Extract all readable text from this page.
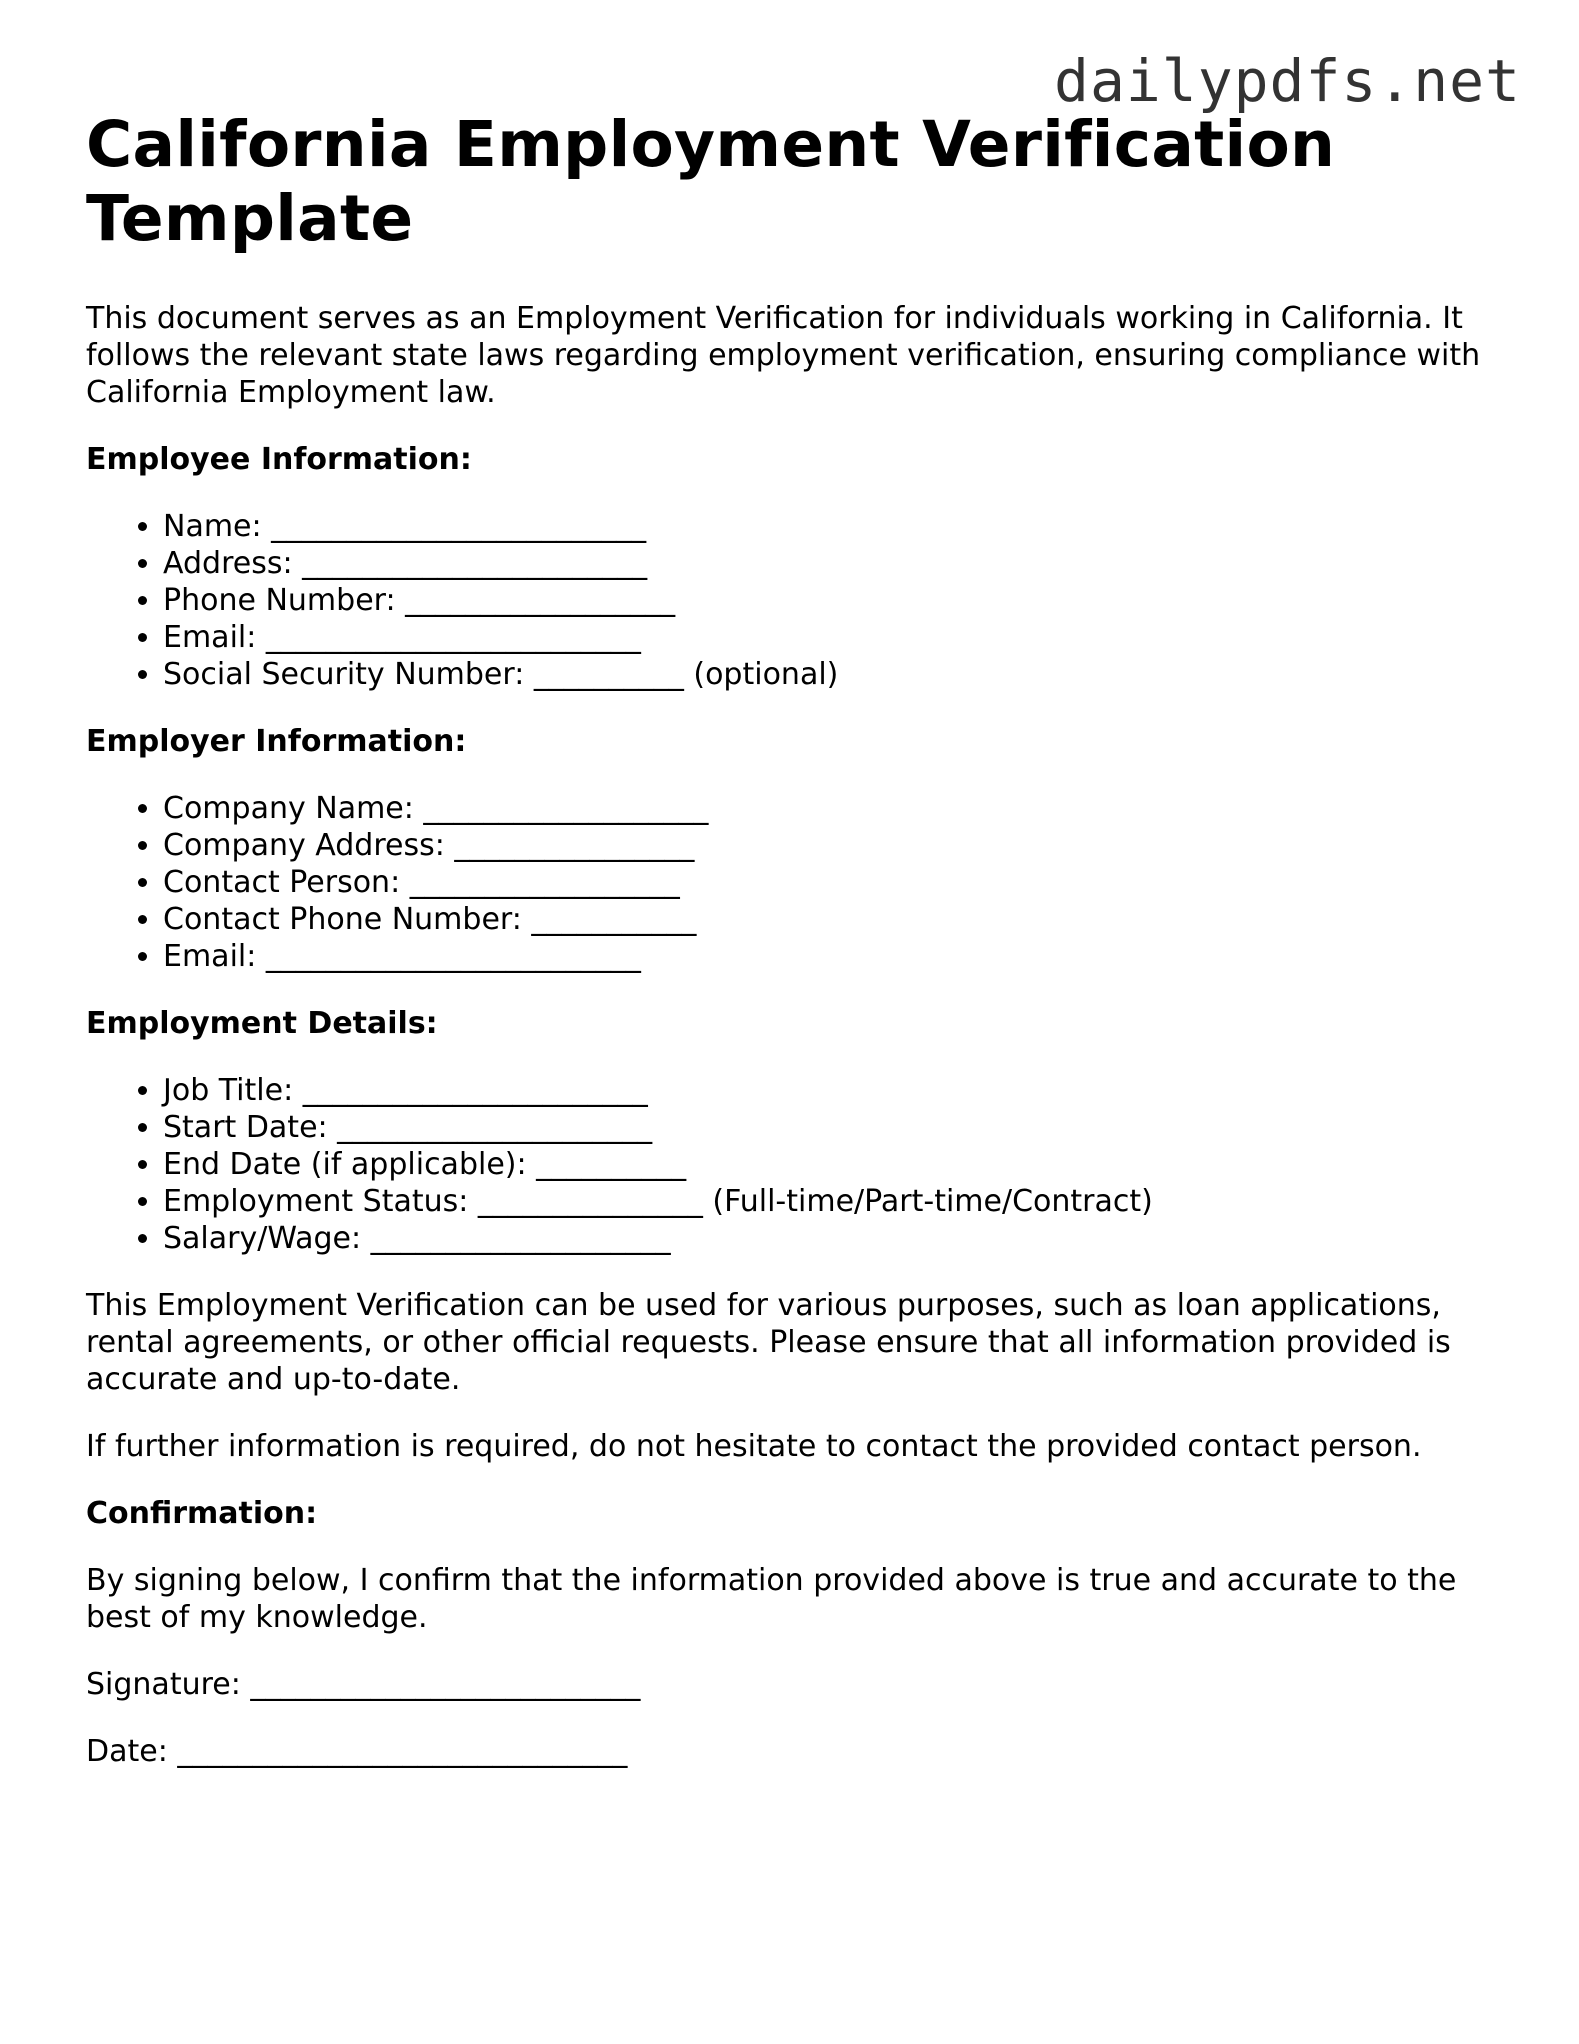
dailypdfs.net
California Employment Verification Template

This document serves as an Employment Verification for individuals working in California. It follows the relevant state laws regarding employment verification, ensuring compliance with California Employment law.

Employee Information:
• Name: _________________________
• Address: _______________________
• Phone Number: __________________
• Email: _________________________
• Social Security Number: __________ (optional)
Employer Information:
• Company Name: ___________________
• Company Address: ________________
• Contact Person: __________________
• Contact Phone Number: ___________
• Email: _________________________
Employment Details:
• Job Title: _______________________
• Start Date: _____________________
• End Date (if applicable): __________
• Employment Status: _______________ (Full-time/Part-time/Contract)
• Salary/Wage: ____________________

This Employment Verification can be used for various purposes, such as loan applications, rental agreements, or other official requests. Please ensure that all information provided is accurate and up-to-date.

If further information is required, do not hesitate to contact the provided contact person.

Confirmation:

By signing below, I confirm that the information provided above is true and accurate to the best of my knowledge.

Signature: __________________________
Date: ______________________________
